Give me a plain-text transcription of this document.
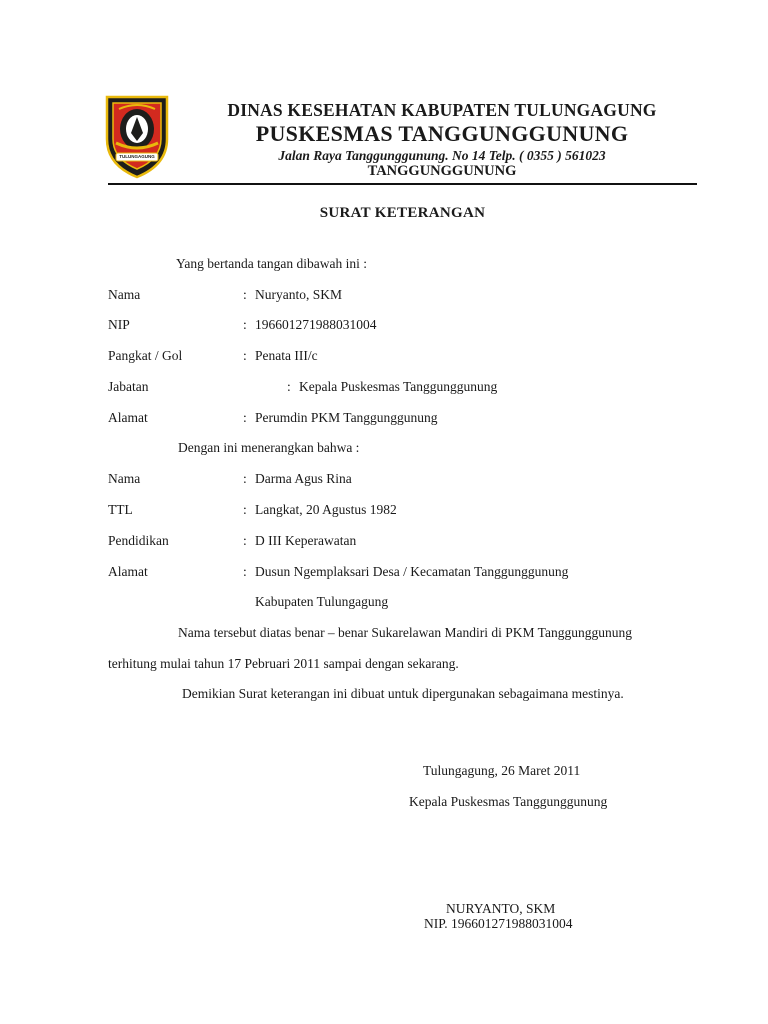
TULUNGAGUNG
DINAS KESEHATAN KABUPATEN TULUNGAGUNG
PUSKESMAS TANGGUNGGUNUNG
Jalan Raya Tanggunggunung. No 14 Telp. ( 0355 ) 561023
TANGGUNGGUNUNG
SURAT KETERANGAN
Yang bertanda tangan dibawah ini :
Nama	: Nuryanto, SKM
NIP	: 196601271988031004
Pangkat / Gol	: Penata III/c
Jabatan	: Kepala Puskesmas Tanggunggunung
Alamat	: Perumdin PKM Tanggunggunung
Dengan ini menerangkan bahwa :
Nama	: Darma Agus Rina
TTL	: Langkat, 20 Agustus 1982
Pendidikan	: D III Keperawatan
Alamat	: Dusun Ngemplaksari Desa / Kecamatan Tanggunggunung
Kabupaten Tulungagung
Nama tersebut diatas benar – benar Sukarelawan Mandiri di PKM Tanggunggunung
terhitung mulai tahun 17 Pebruari 2011 sampai dengan sekarang.
Demikian Surat keterangan ini dibuat untuk dipergunakan sebagaimana mestinya.
Tulungagung, 26 Maret 2011
Kepala Puskesmas Tanggunggunung
NURYANTO, SKM
NIP. 196601271988031004
